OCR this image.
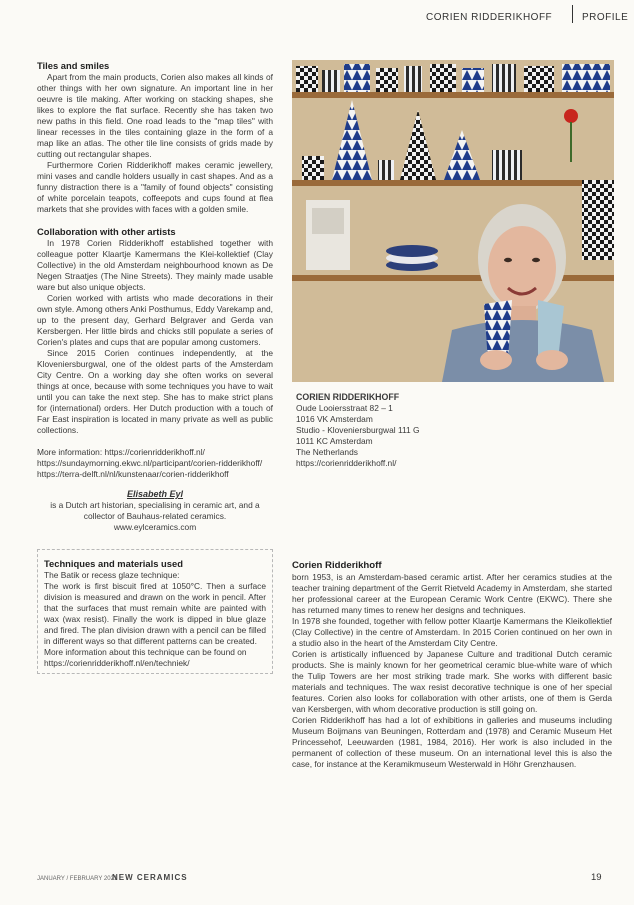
CORIEN RIDDERIKHOFF	PROFILE
Tiles and smiles

Apart from the main products, Corien also makes all kinds of other things with her own signature. An important line in her oeuvre is tile making. After working on stacking shapes, she likes to explore the flat surface. Recently she has taken two new paths in this field. One road leads to the "map tiles" with linear recesses in the tiles containing glaze in the form of a map like an atlas. The other tile line consists of grids made by cutting out rectangular shapes.

Furthermore Corien Ridderikhoff makes ceramic jewellery, mini vases and candle holders usually in cast shapes. And as a funny distraction there is a "family of found objects" consisting of white porcelain teapots, coffeepots and cups found at flea markets that she provides with faces with a golden smile.

Collaboration with other artists

In 1978 Corien Ridderikhoff established together with colleague potter Klaartje Kamermans the Klei-kollektief (Clay Collective) in the old Amsterdam neighbourhood known as De Negen Straatjes (The Nine Streets). They mainly made usable ware but also unique objects.

Corien worked with artists who made decorations in their own style. Among others Anki Posthumus, Eddy Varekamp and, up to the present day, Gerhard Belgraver and Gerda van Kersbergen. Her little birds and chicks still populate a series of Corien's plates and cups that are popular among customers.

Since 2015 Corien continues independently, at the Kloveniersburgwal, one of the oldest parts of the Amsterdam City Centre. On a working day she often works on several things at once, because with some techniques you have to wait until you can take the next step. She has to make strict plans for (international) orders. Her Dutch production with a touch of Far East inspiration is located in many private as well as public collections.

More information: https://corienridderikhoff.nl/

https://sundaymorning.ekwc.nl/participant/corien-ridderikhoff/

https://terra-delft.nl/nl/kunstenaar/corien-ridderikhoff

Elisabeth Eyl
is a Dutch art historian, specialising in ceramic art, and a collector of Bauhaus-related ceramics.
www.eylceramics.com
Techniques and materials used

The Batik or recess glaze technique:

The work is first biscuit fired at 1050°C. Then a surface division is measured and drawn on the work in pencil. After that the surfaces that must remain white are painted with wax (wax resist). Finally the work is dipped in blue glaze and fired. The plan division drawn with a pencil can be filled in different ways so that different patterns can be created.

More information about this technique can be found on

https://corienridderikhoff.nl/en/techniek/

CORIEN RIDDERIKHOFF
Oude Looiersstraat 82 – 1
1016 VK Amsterdam
Studio - Kloveniersburgwal 111 G
1011 KC Amsterdam
The Netherlands
https://corienridderikhoff.nl/
Corien Ridderikhoff

born 1953, is an Amsterdam-based ceramic artist. After her ceramics studies at the teacher training department of the Gerrit Rietveld Academy in Amsterdam, she started her professional career at the European Ceramic Work Centre (EKWC). There she has returned many times to renew her designs and techniques.

In 1978 she founded, together with fellow potter Klaartje Kamermans the Kleikollektief (Clay Collective) in the centre of Amsterdam. In 2015 Corien continued on her own in a studio also in the heart of the Amsterdam City Centre.

Corien is artistically influenced by Japanese Culture and traditional Dutch ceramic products. She is mainly known for her geometrical ceramic blue-white ware of which the Tulip Towers are her most striking trade mark. She works with different basic materials and techniques. The wax resist decorative technique is one of her special features. Corien also looks for collaboration with other artists, one of them is Gerda van Kersbergen, with whom decorative production is still going on.

Corien Ridderikhoff has had a lot of exhibitions in galleries and museums including Museum Boijmans van Beuningen, Rotterdam and (1978) and Ceramic Museum Het Princessehof, Leeuwarden (1981, 1984, 2016). Her work is also included in the permanent of collection of these museum. On an international level this is also the case, for instance at the Keramikmuseum Westerwald in Höhr Grenzhausen.

JANUARY / FEBRUARY 2021
NEW CERAMICS	19
